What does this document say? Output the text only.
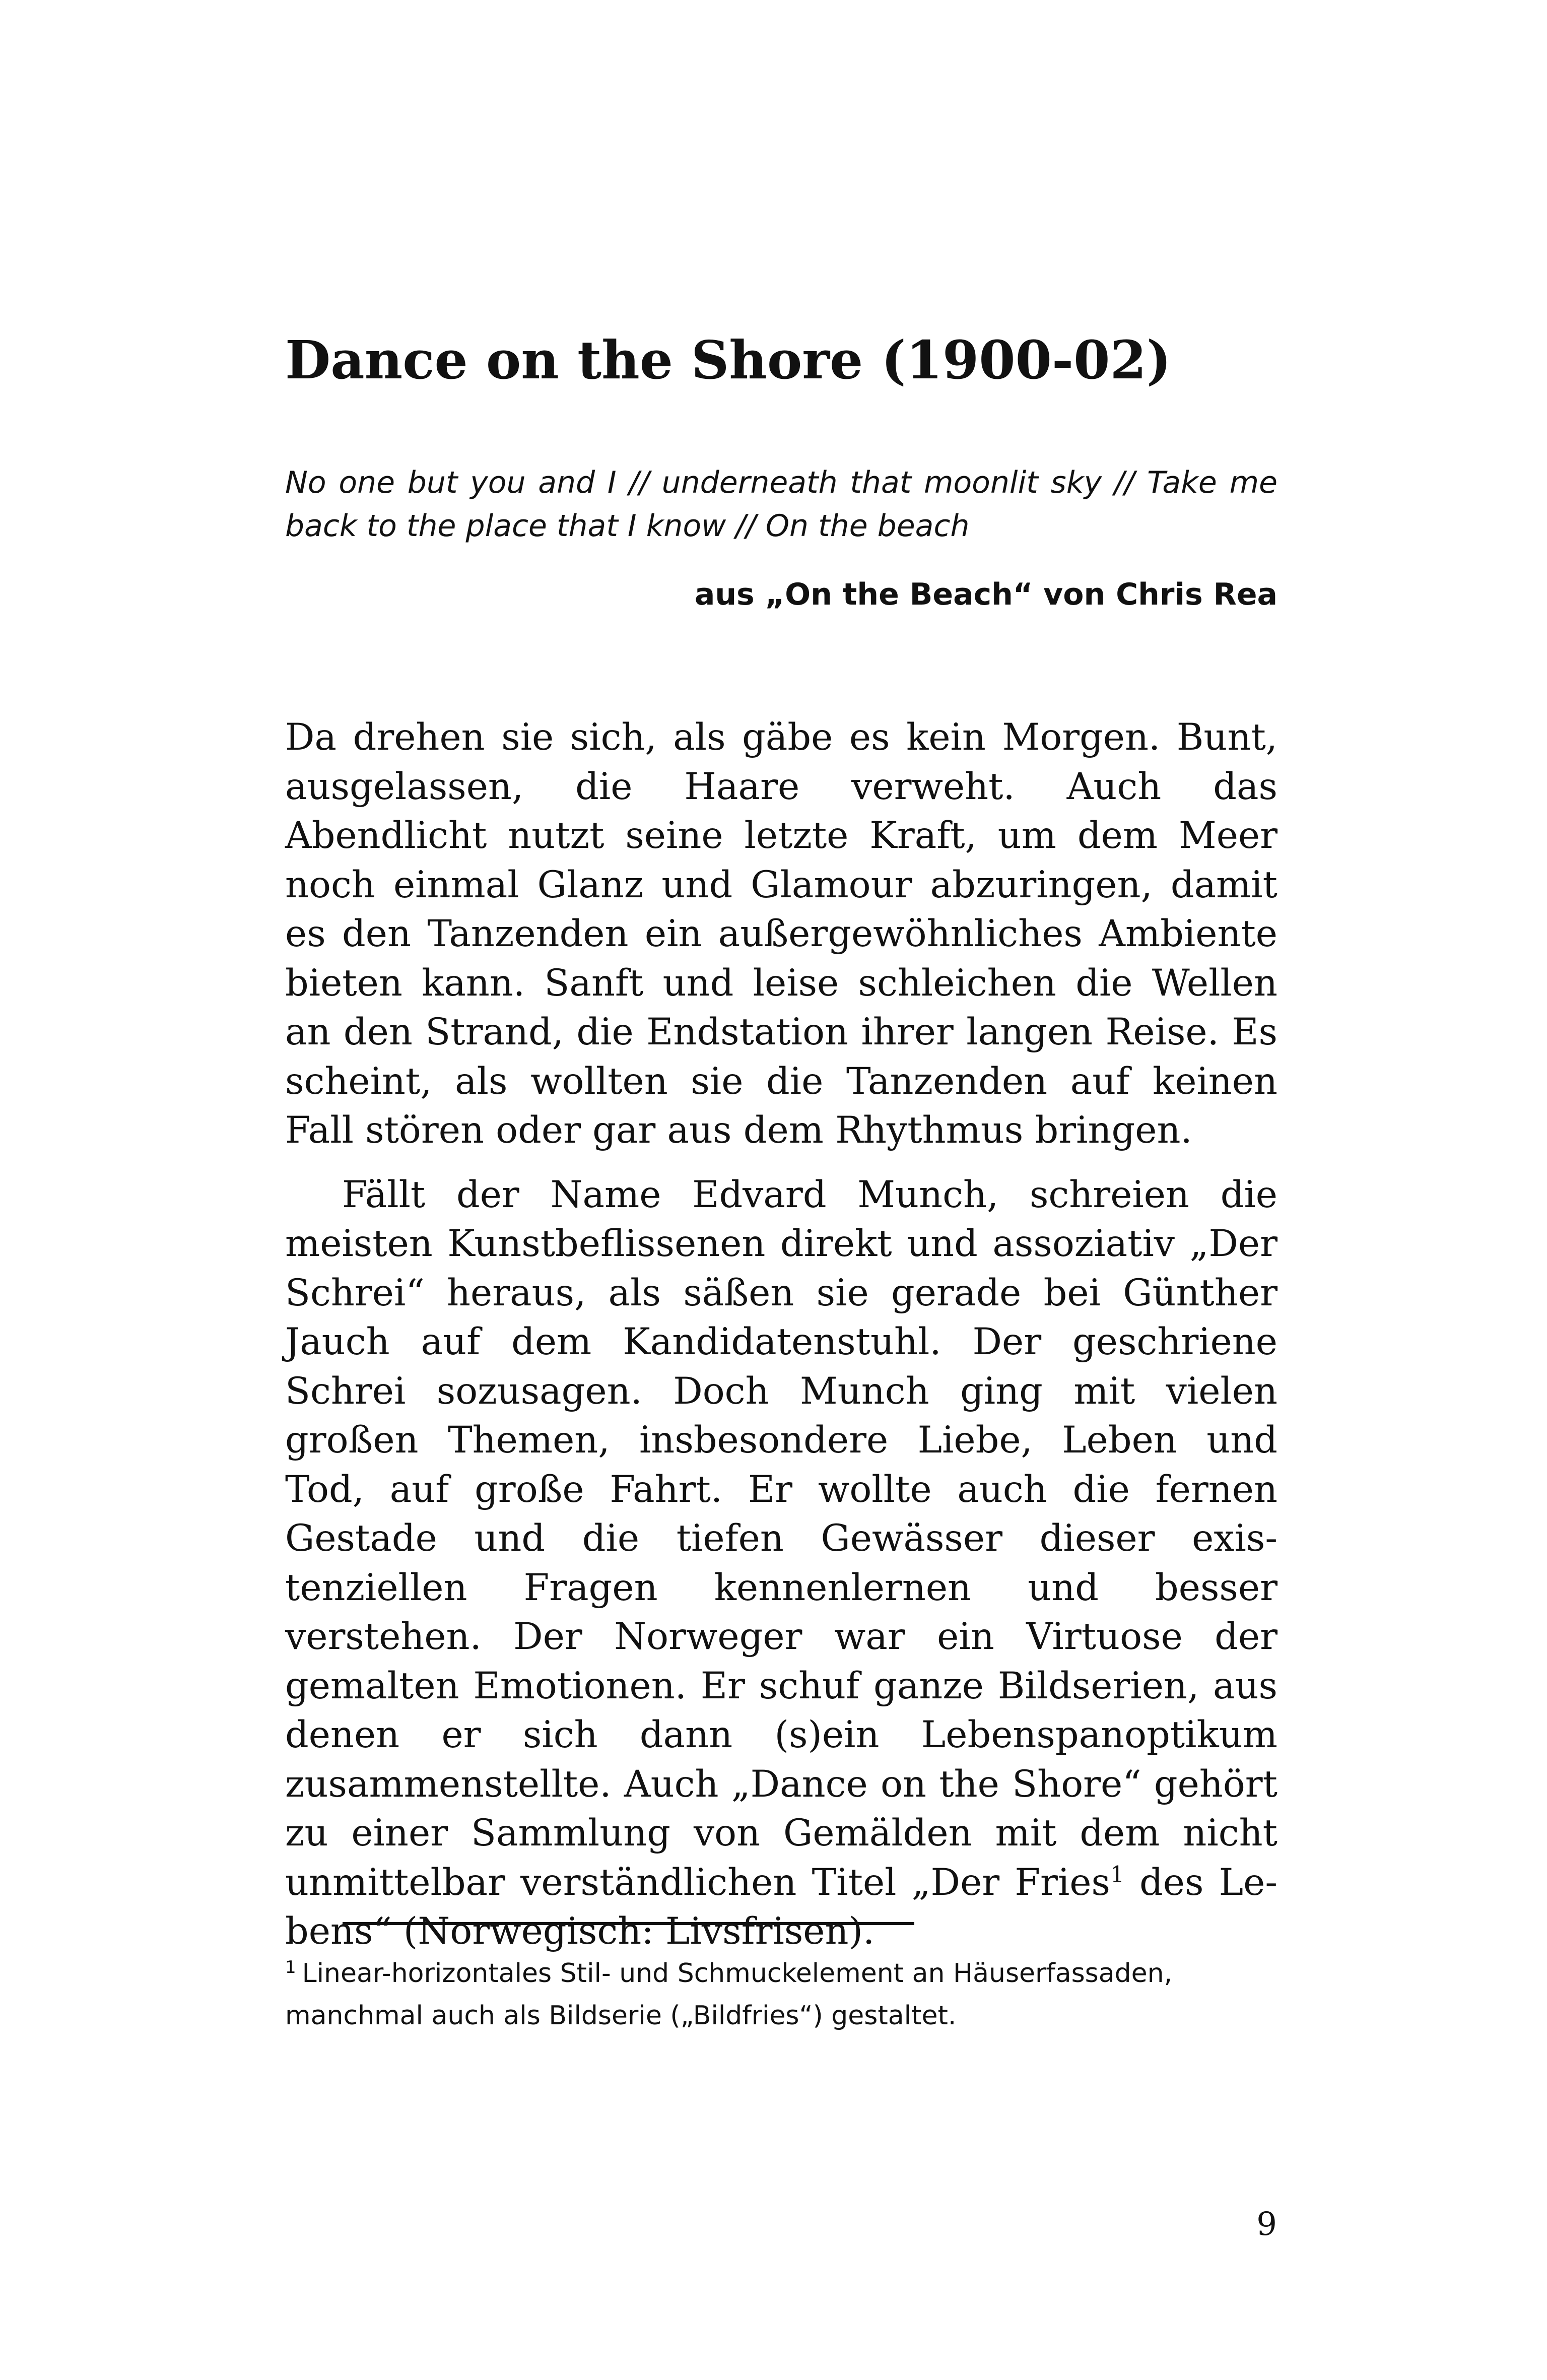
Dance on the Shore (1900-02)

No one but you and I // underneath that moonlit sky // Take me back to the place that I know // On the beach

aus „On the Beach“ von Chris Rea

Da drehen sie sich, als gäbe es kein Morgen. Bunt, ausgelassen, die Haare verweht. Auch das Abendlicht nutzt seine letzte Kraft, um dem Meer noch einmal Glanz und Glamour abzuringen, damit es den Tanzenden ein außergewöhnliches Ambiente bieten kann. Sanft und leise schleichen die Wellen an den Strand, die Endstation ihrer langen Reise. Es scheint, als wollten sie die Tanzenden auf keinen Fall stören oder gar aus dem Rhythmus bringen.

Fällt der Name Edvard Munch, schreien die meisten Kunstbeflissenen direkt und assoziativ „Der Schrei“ heraus, als säßen sie gerade bei Günther Jauch auf dem Kandidatenstuhl. Der geschriene Schrei sozusagen. Doch Munch ging mit vielen großen Themen, insbesondere Liebe, Leben und Tod, auf große Fahrt. Er wollte auch die fernen Gestade und die tiefen Gewässer dieser existenziellen Fragen kennenlernen und besser verstehen. Der Norweger war ein Virtuose der gemalten Emotionen. Er schuf ganze Bildserien, aus denen er sich dann (s)ein Lebenspanoptikum zusammenstellte. Auch „Dance on the Shore“ gehört zu einer Sammlung von Gemälden mit dem nicht unmittelbar verständlichen Titel „Der Fries$^1$ des Lebens“ (Norwegisch: Livsfrisen).

$^1$ Linear-horizontales Stil- und Schmuckelement an Häuserfassaden, manchmal auch als Bildserie („Bildfries“) gestaltet.

9
